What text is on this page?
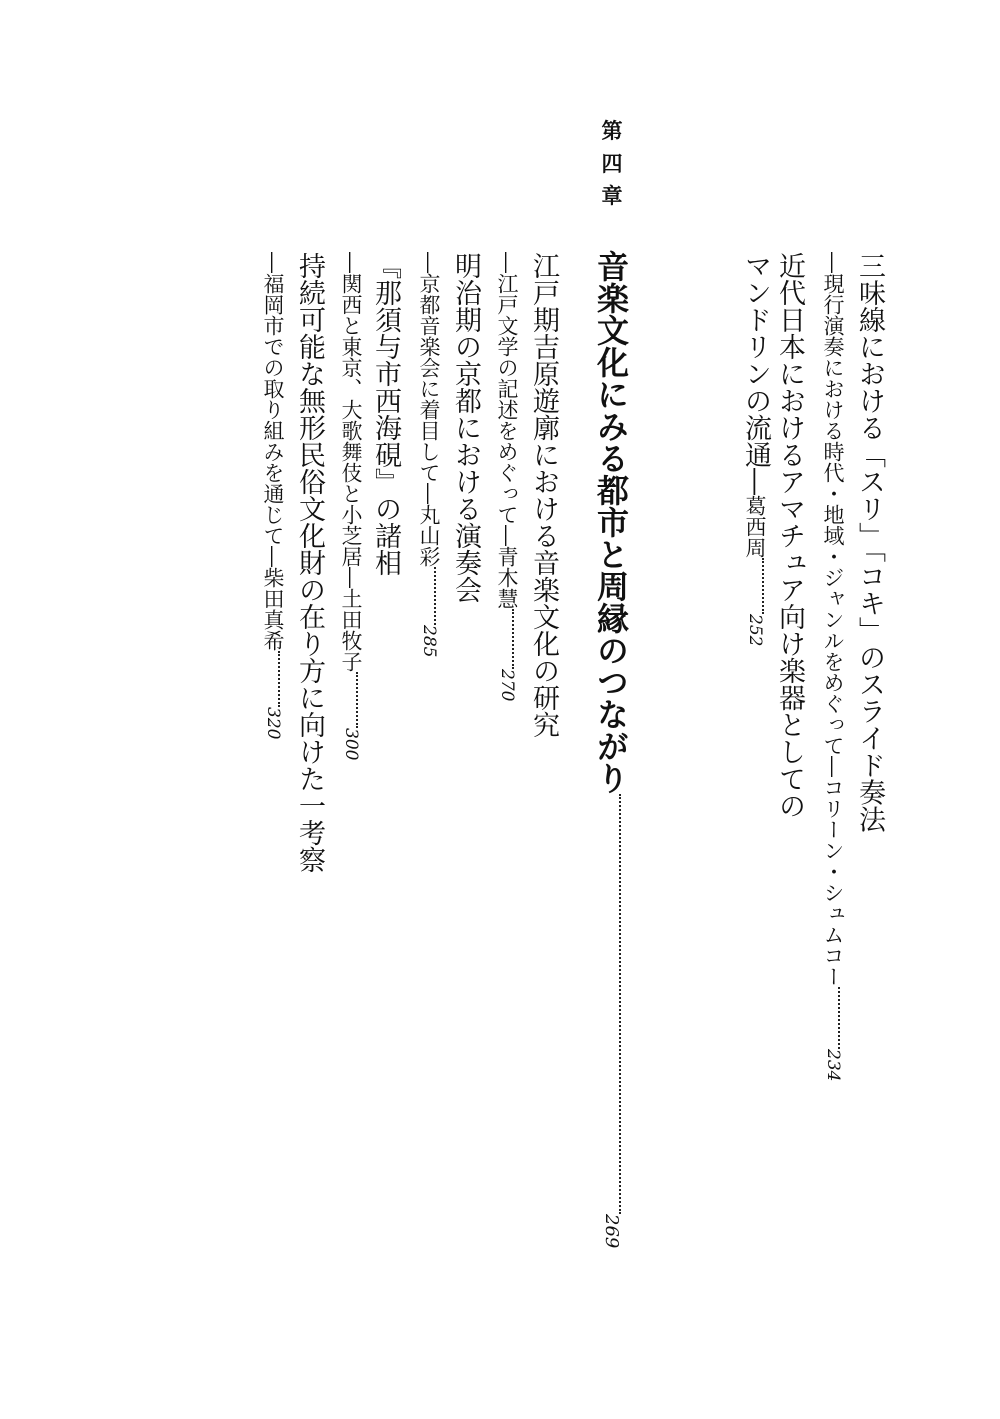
第
四
章
三味線における「スリ」「コキ」のスライド奏法
―現行演奏における時代・地域・ジャンルをめぐって―コリーン・シュムコー234
近代日本におけるアマチュア向け楽器としての
マンドリンの流通―葛西周252
音楽文化にみる都市と周縁のつながり269
江戸期吉原遊廓における音楽文化の研究
―江戸文学の記述をめぐって―青木慧270
明治期の京都における演奏会
―京都音楽会に着目して―丸山彩285
『那須与市西海硯』の諸相
―関西と東京、大歌舞伎と小芝居―土田牧子300
持続可能な無形民俗文化財の在り方に向けた一考察
―福岡市での取り組みを通じて―柴田真希320
